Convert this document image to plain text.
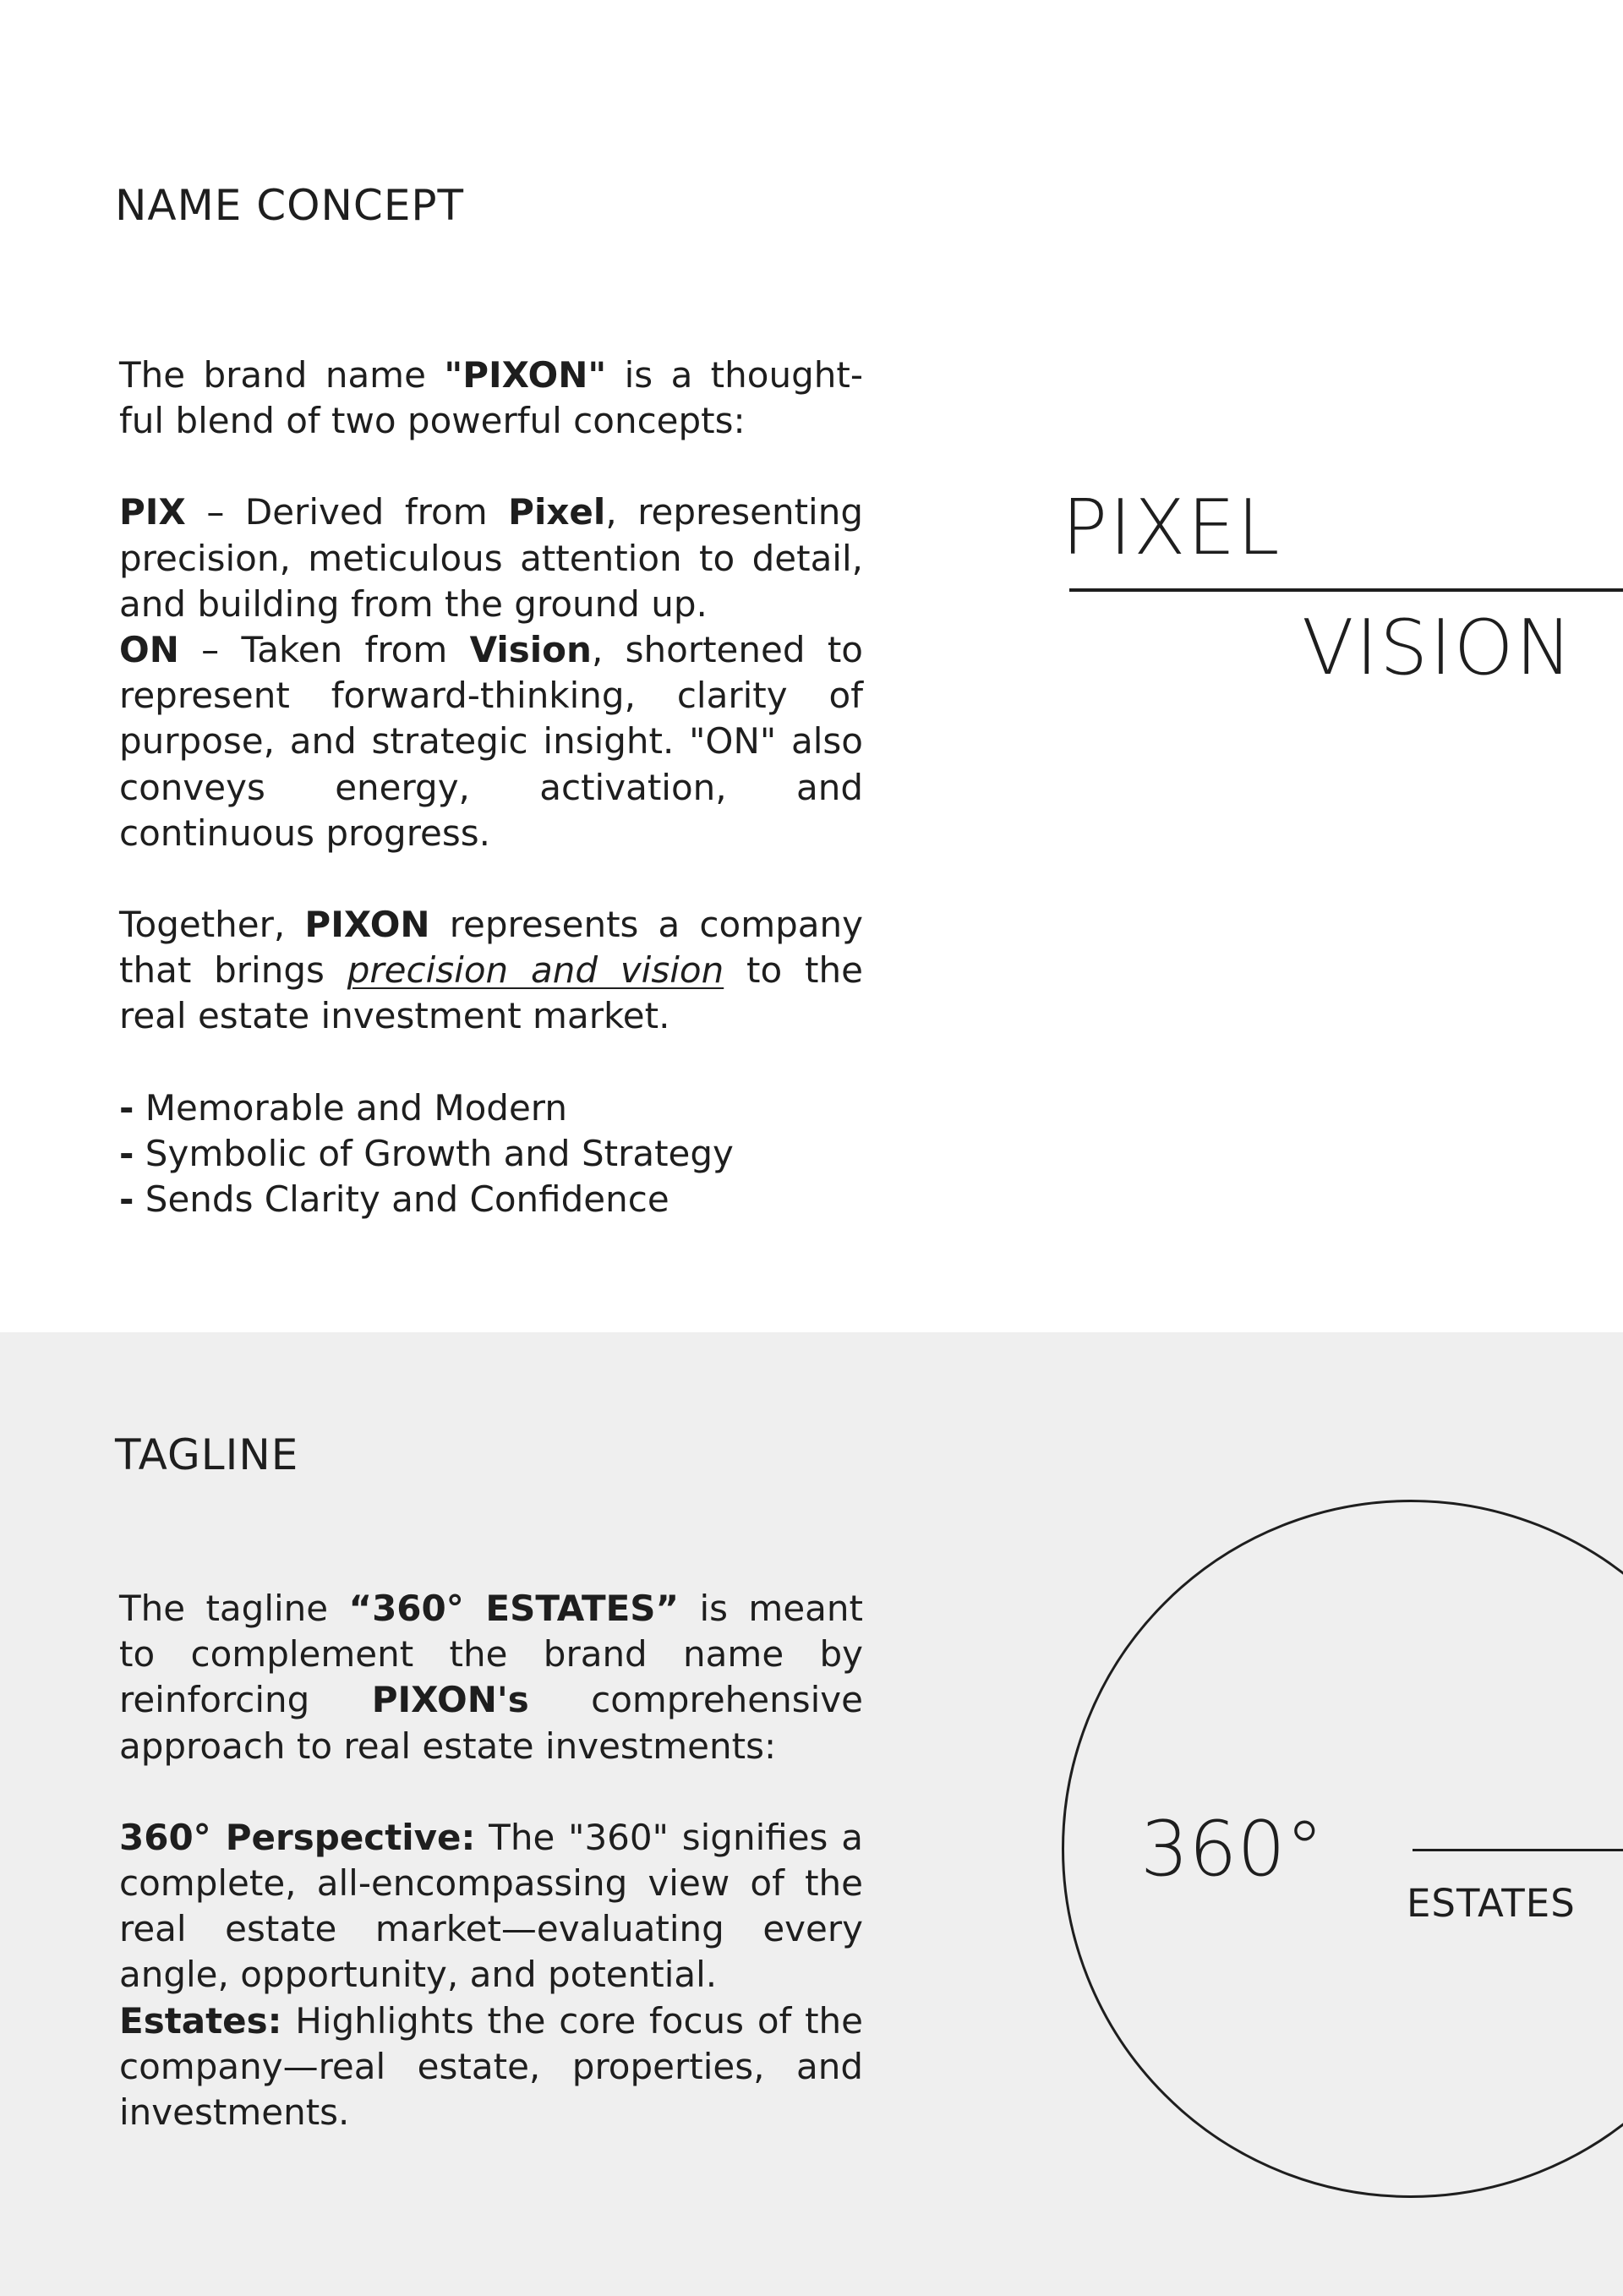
NAME CONCEPT

The brand name "PIXON" is a thought-ful blend of two powerful concepts:

PIX – Derived from Pixel, representing precision, meticulous attention to detail, and building from the ground up.

ON – Taken from Vision, shortened to represent forward-thinking, clarity of purpose, and strategic insight. "ON" also conveys energy, activation, and continuous progress.

Together, PIXON represents a company that brings precision and vision to the real estate investment market.

- Memorable and Modern
- Symbolic of Growth and Strategy
- Sends Clarity and Confidence
PIXEL
VISION
TAGLINE

The tagline “360° ESTATES” is meant to complement the brand name by reinforcing PIXON's comprehensive approach to real estate investments:

360° Perspective: The "360" signifies a complete, all-encompassing view of the real estate market—evaluating every angle, opportunity, and potential.

Estates: Highlights the core focus of the company—real estate, properties, and investments.

360°
ESTATES
